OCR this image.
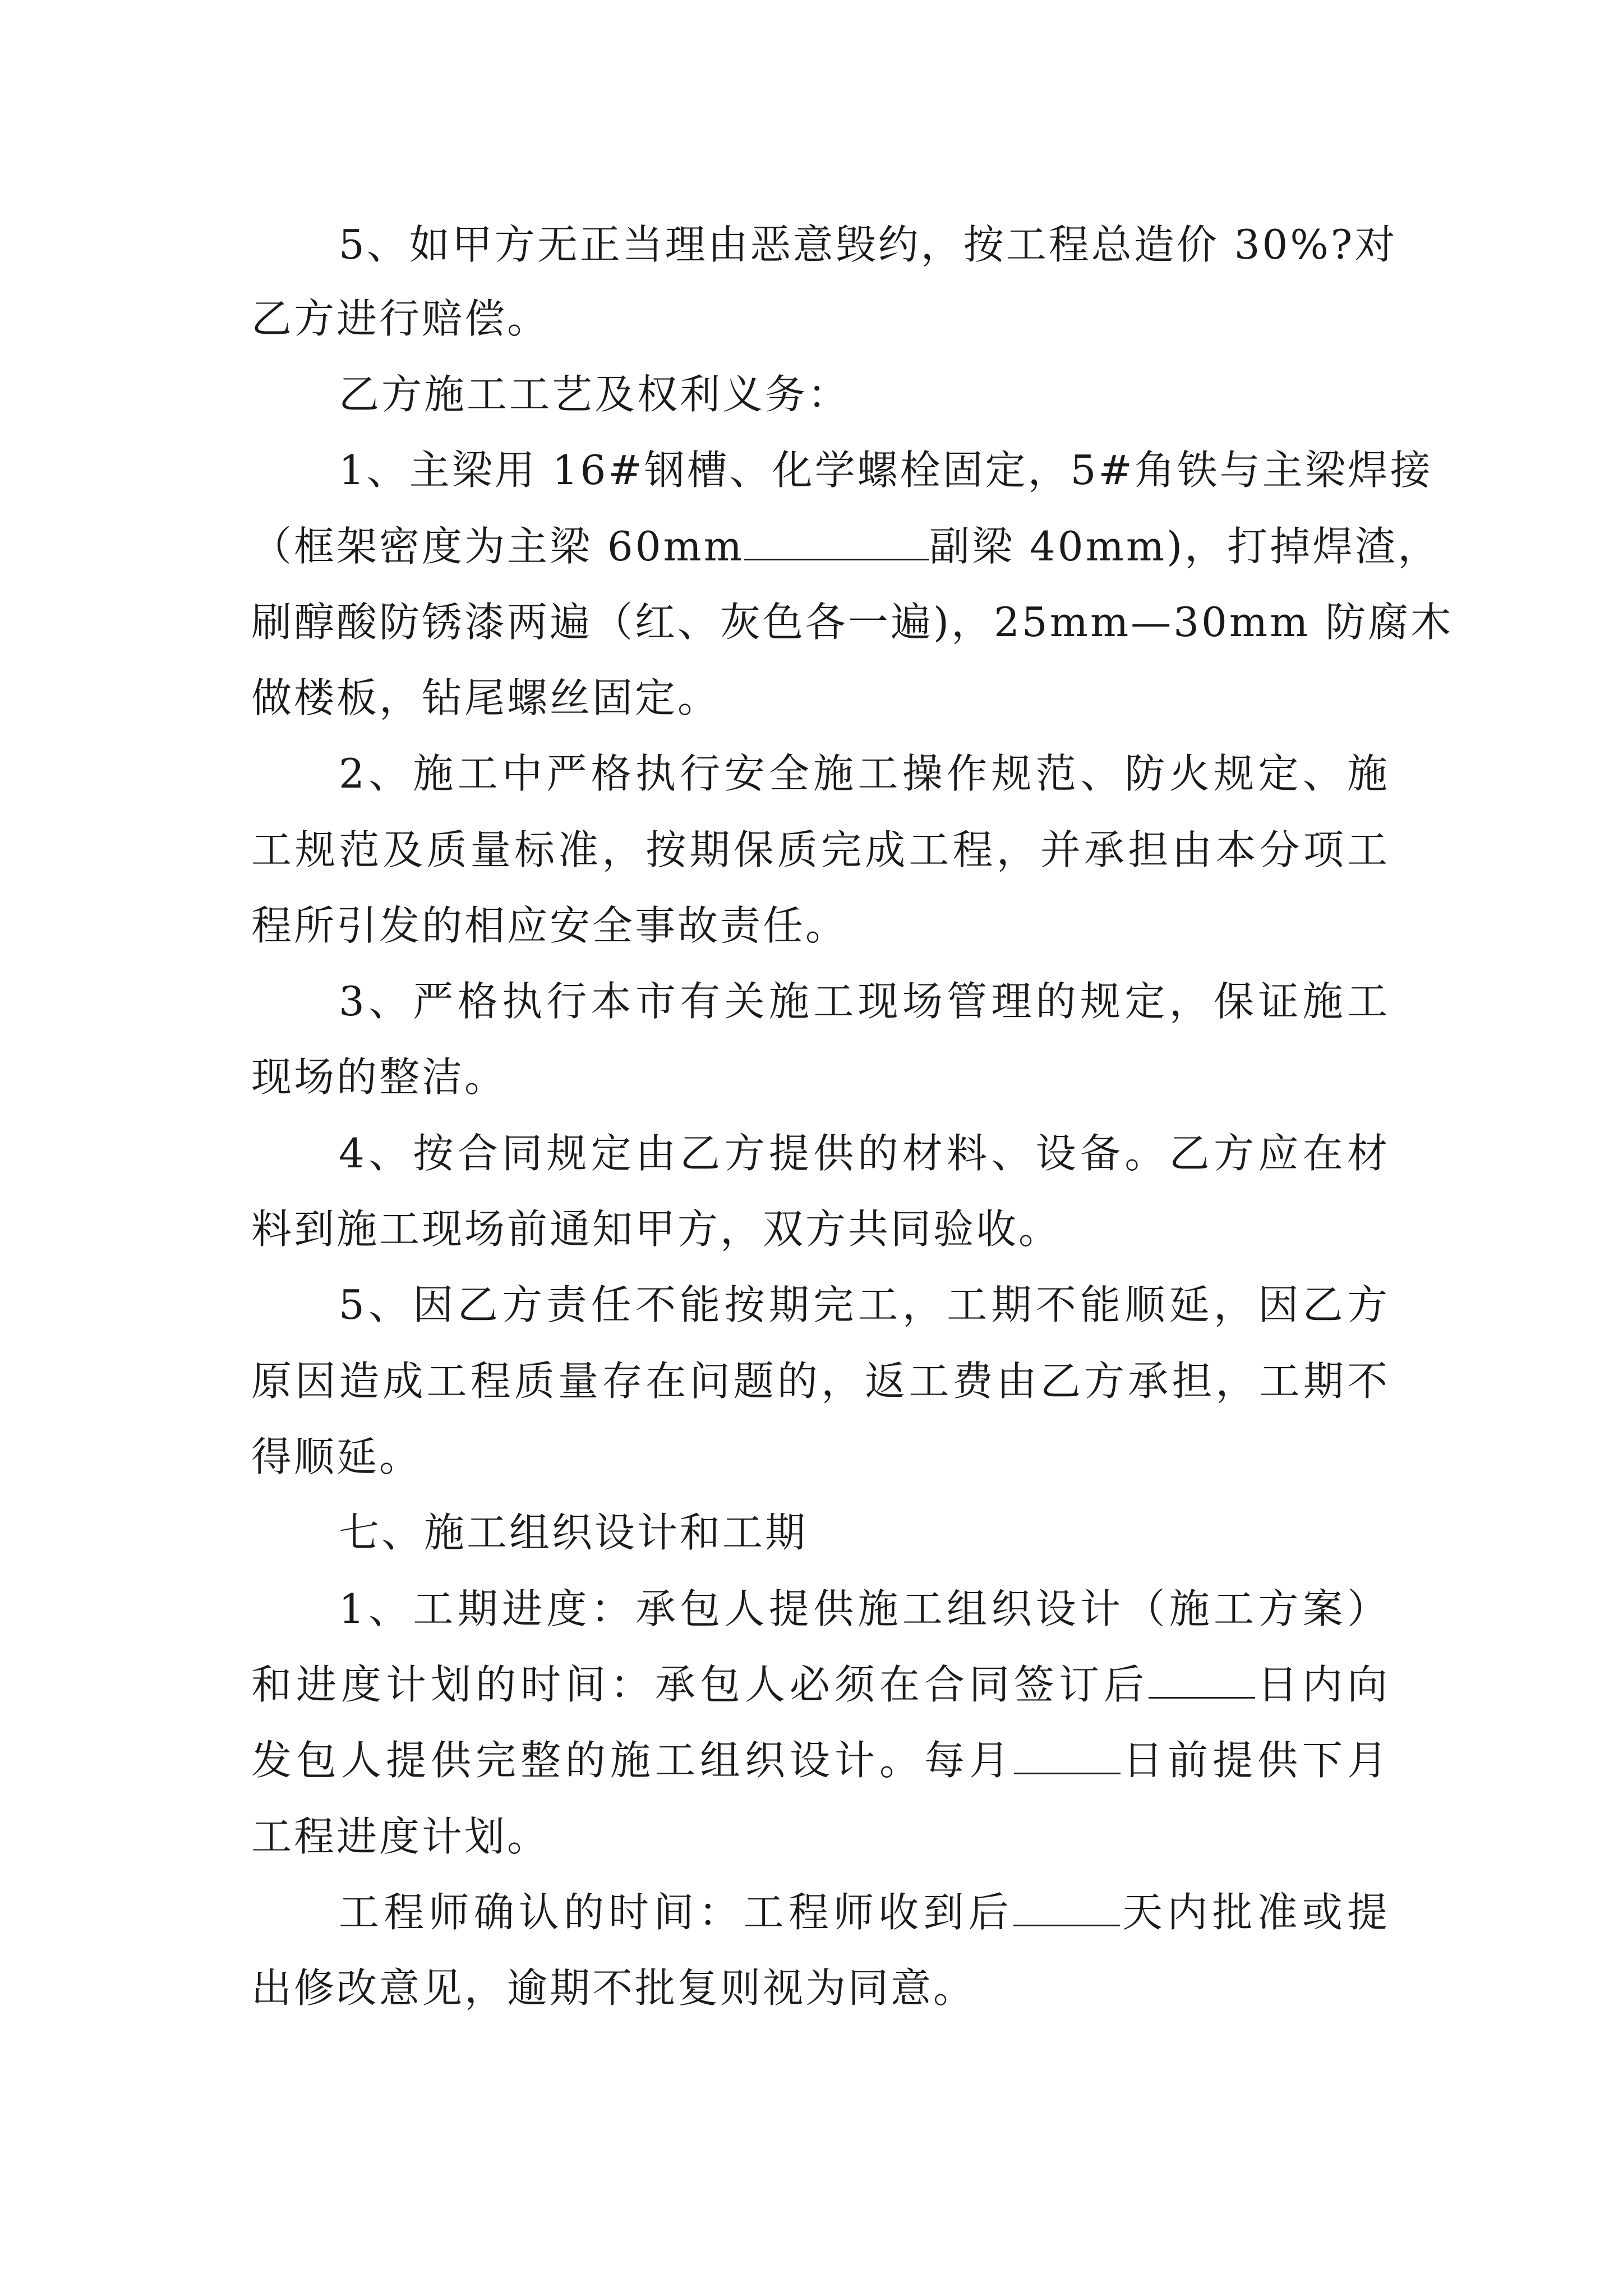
5、如甲方无正当理由恶意毁约，按工程总造价 30%?对
乙方进行赔偿。
乙方施工工艺及权利义务：
1、主梁用 16#钢槽、化学螺栓固定，5#角铁与主梁焊接
（框架密度为主梁 60mm	副梁 40mm)，打掉焊渣，
刷醇酸防锈漆两遍（红、灰色各一遍)，25mm—30mm 防腐木
做楼板，钻尾螺丝固定。
2、施工中严格执行安全施工操作规范、防火规定、施
工规范及质量标准，按期保质完成工程，并承担由本分项工
程所引发的相应安全事故责任。
3、严格执行本市有关施工现场管理的规定，保证施工
现场的整洁。
4、按合同规定由乙方提供的材料、设备。乙方应在材
料到施工现场前通知甲方，双方共同验收。
5、因乙方责任不能按期完工，工期不能顺延，因乙方
原因造成工程质量存在问题的，返工费由乙方承担，工期不
得顺延。
七、施工组织设计和工期
1、工期进度：承包人提供施工组织设计（施工方案）
和进度计划的时间：承包人必须在合同签订后	日内向
发包人提供完整的施工组织设计。每月	日前提供下月
工程进度计划。
工程师确认的时间：工程师收到后	天内批准或提
出修改意见，逾期不批复则视为同意。
